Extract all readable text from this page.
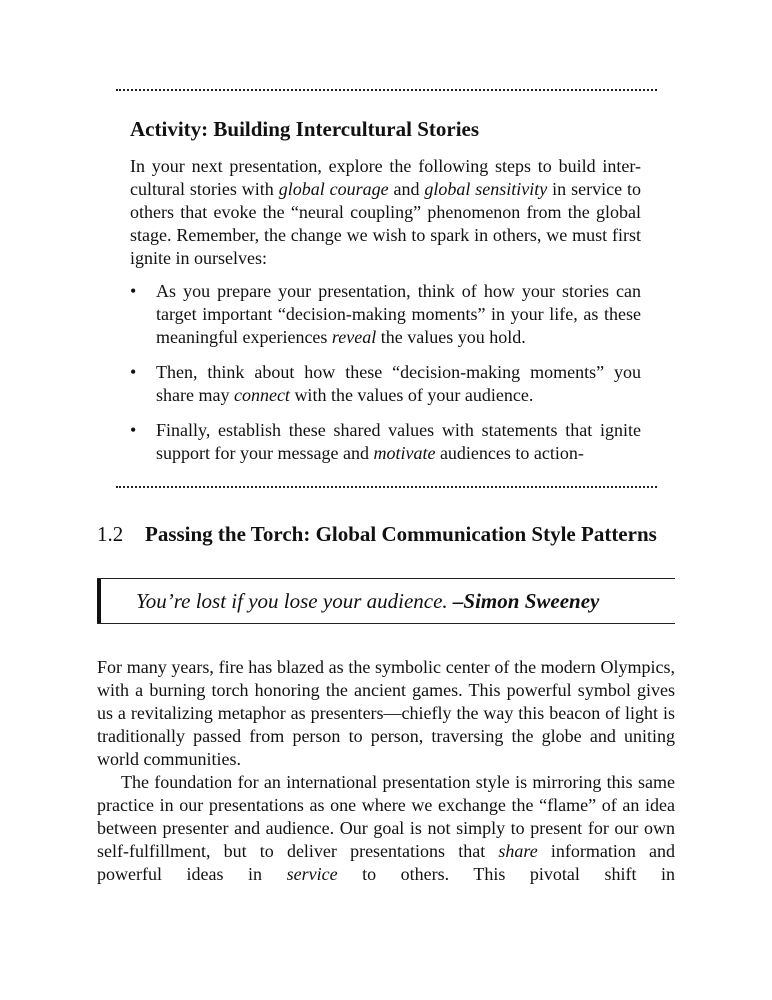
Activity: Building Intercultural Stories

In your next presentation, explore the following steps to build inter-cultural stories with global courage and global sensitivity in service to others that evoke the “neural coupling” phenomenon from the global stage. Remember, the change we wish to spark in others, we must first ignite in ourselves:

• As you prepare your presentation, think of how your stories can target important “decision-making moments” in your life, as these meaningful experiences reveal the values you hold.
• Then, think about how these “decision-making moments” you share may connect with the values of your audience.
• Finally, establish these shared values with statements that ignite support for your message and motivate audiences to action-
1.2 Passing the Torch: Global Communication Style Patterns
You’re lost if you lose your audience. –Simon Sweeney

For many years, fire has blazed as the symbolic center of the modern Olympics, with a burning torch honoring the ancient games. This powerful symbol gives us a revitalizing metaphor as presenters—chiefly the way this beacon of light is traditionally passed from person to person, traversing the globe and uniting world communities.

The foundation for an international presentation style is mirroring this same practice in our presentations as one where we exchange the “flame” of an idea between presenter and audience. Our goal is not simply to present for our own self-fulfillment, but to deliver presentations that share information and powerful ideas in service to others. This pivotal shift in
